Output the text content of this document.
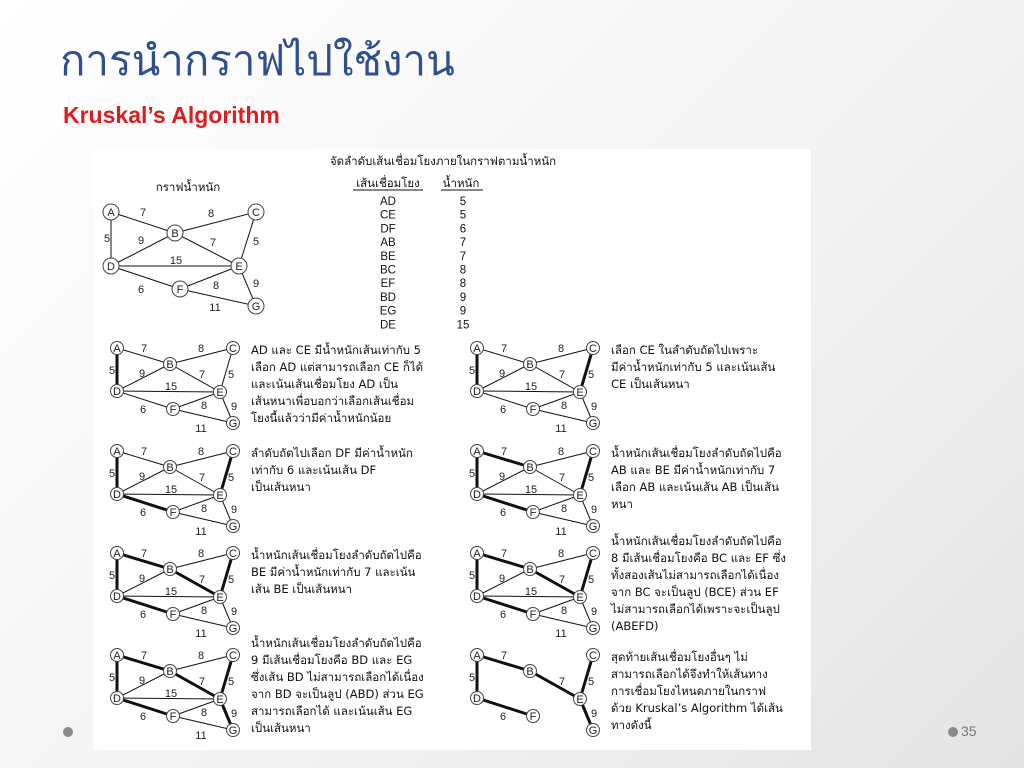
การนำกราฟไปใช้งาน
Kruskal’s Algorithm
กราฟน้ำหนัก
7	8
5	9	7	5
15
6	8	9
11
A
B
C
D	E
F
G
จัดลำดับเส้นเชื่อมโยงภายในกราฟตามน้ำหนัก
เส้นเชื่อมโยง น้ำหนัก
AD	5
CE	5
DF	6
AB	7
BE	7
BC	8
EF	8
BD	9
EG	9
DE	15
7	8
5 9	7 5
15
6	8 9
11
A
B
C
D	E
F
G
AD และ CE มีน้ำหนักเส้นเท่ากับ 5
เลือก AD แต่สามารถเลือก CE ก็ได้
และเน้นเส้นเชื่อมโยง AD เป็น
เส้นหนาเพื่อบอกว่าเลือกเส้นเชื่อม
โยงนี้แล้วว่ามีค่าน้ำหนักน้อย
7	8
5 9	7 5
15
6	8 9
11
A
B
C
D	E
F
G
เลือก CE ในลำดับถัดไปเพราะ
มีค่าน้ำหนักเท่ากับ 5 และเน้นเส้น
CE เป็นเส้นหนา
7	8
5 9	7 5
15
6	8 9
11
A
B
C
D	E
F
G
ลำดับถัดไปเลือก DF มีค่าน้ำหนัก
เท่ากับ 6 และเน้นเส้น DF
เป็นเส้นหนา
7	8
5 9	7 5
15
6	8 9
11
A
B
C
D	E
F
G
น้ำหนักเส้นเชื่อมโยงลำดับถัดไปคือ
AB และ BE มีค่าน้ำหนักเท่ากับ 7
เลือก AB และเน้นเส้น AB เป็นเส้น
หนา
7	8
5 9	7 5
15
6	8 9
11
A
B
C
D	E
F
G
น้ำหนักเส้นเชื่อมโยงลำดับถัดไปคือ
BE มีค่าน้ำหนักเท่ากับ 7 และเน้น
เส้น BE เป็นเส้นหนา
7	8
5 9	7 5
15
6	8 9
11
A
B
C
D	E
F
G
น้ำหนักเส้นเชื่อมโยงลำดับถัดไปคือ
8 มีเส้นเชื่อมโยงคือ BC และ EF ซึ่ง
ทั้งสองเส้นไม่สามารถเลือกได้เนื่อง
จาก BC จะเป็นลูป (BCE) ส่วน EF
ไม่สามารถเลือกได้เพราะจะเป็นลูป
(ABEFD)
7	8
5 9	7 5
15
6	8 9
11
A
B
C
D	E
F
G
น้ำหนักเส้นเชื่อมโยงลำดับถัดไปคือ
9 มีเส้นเชื่อมโยงคือ BD และ EG
ซึ่งเส้น BD ไม่สามารถเลือกได้เนื่อง
จาก BD จะเป็นลูป (ABD) ส่วน EG
สามารถเลือกได้ และเน้นเส้น EG
เป็นเส้นหนา
7
5	7 5
6	9
A
B
C
D	E
F
G
สุดท้ายเส้นเชื่อมโยงอื่นๆ ไม่
สามารถเลือกได้จึงทำให้เส้นทาง
การเชื่อมโยงไหนดภายในกราฟ
ด้วย Kruskal’s Algorithm ได้เส้น
ทางดังนี้	35
